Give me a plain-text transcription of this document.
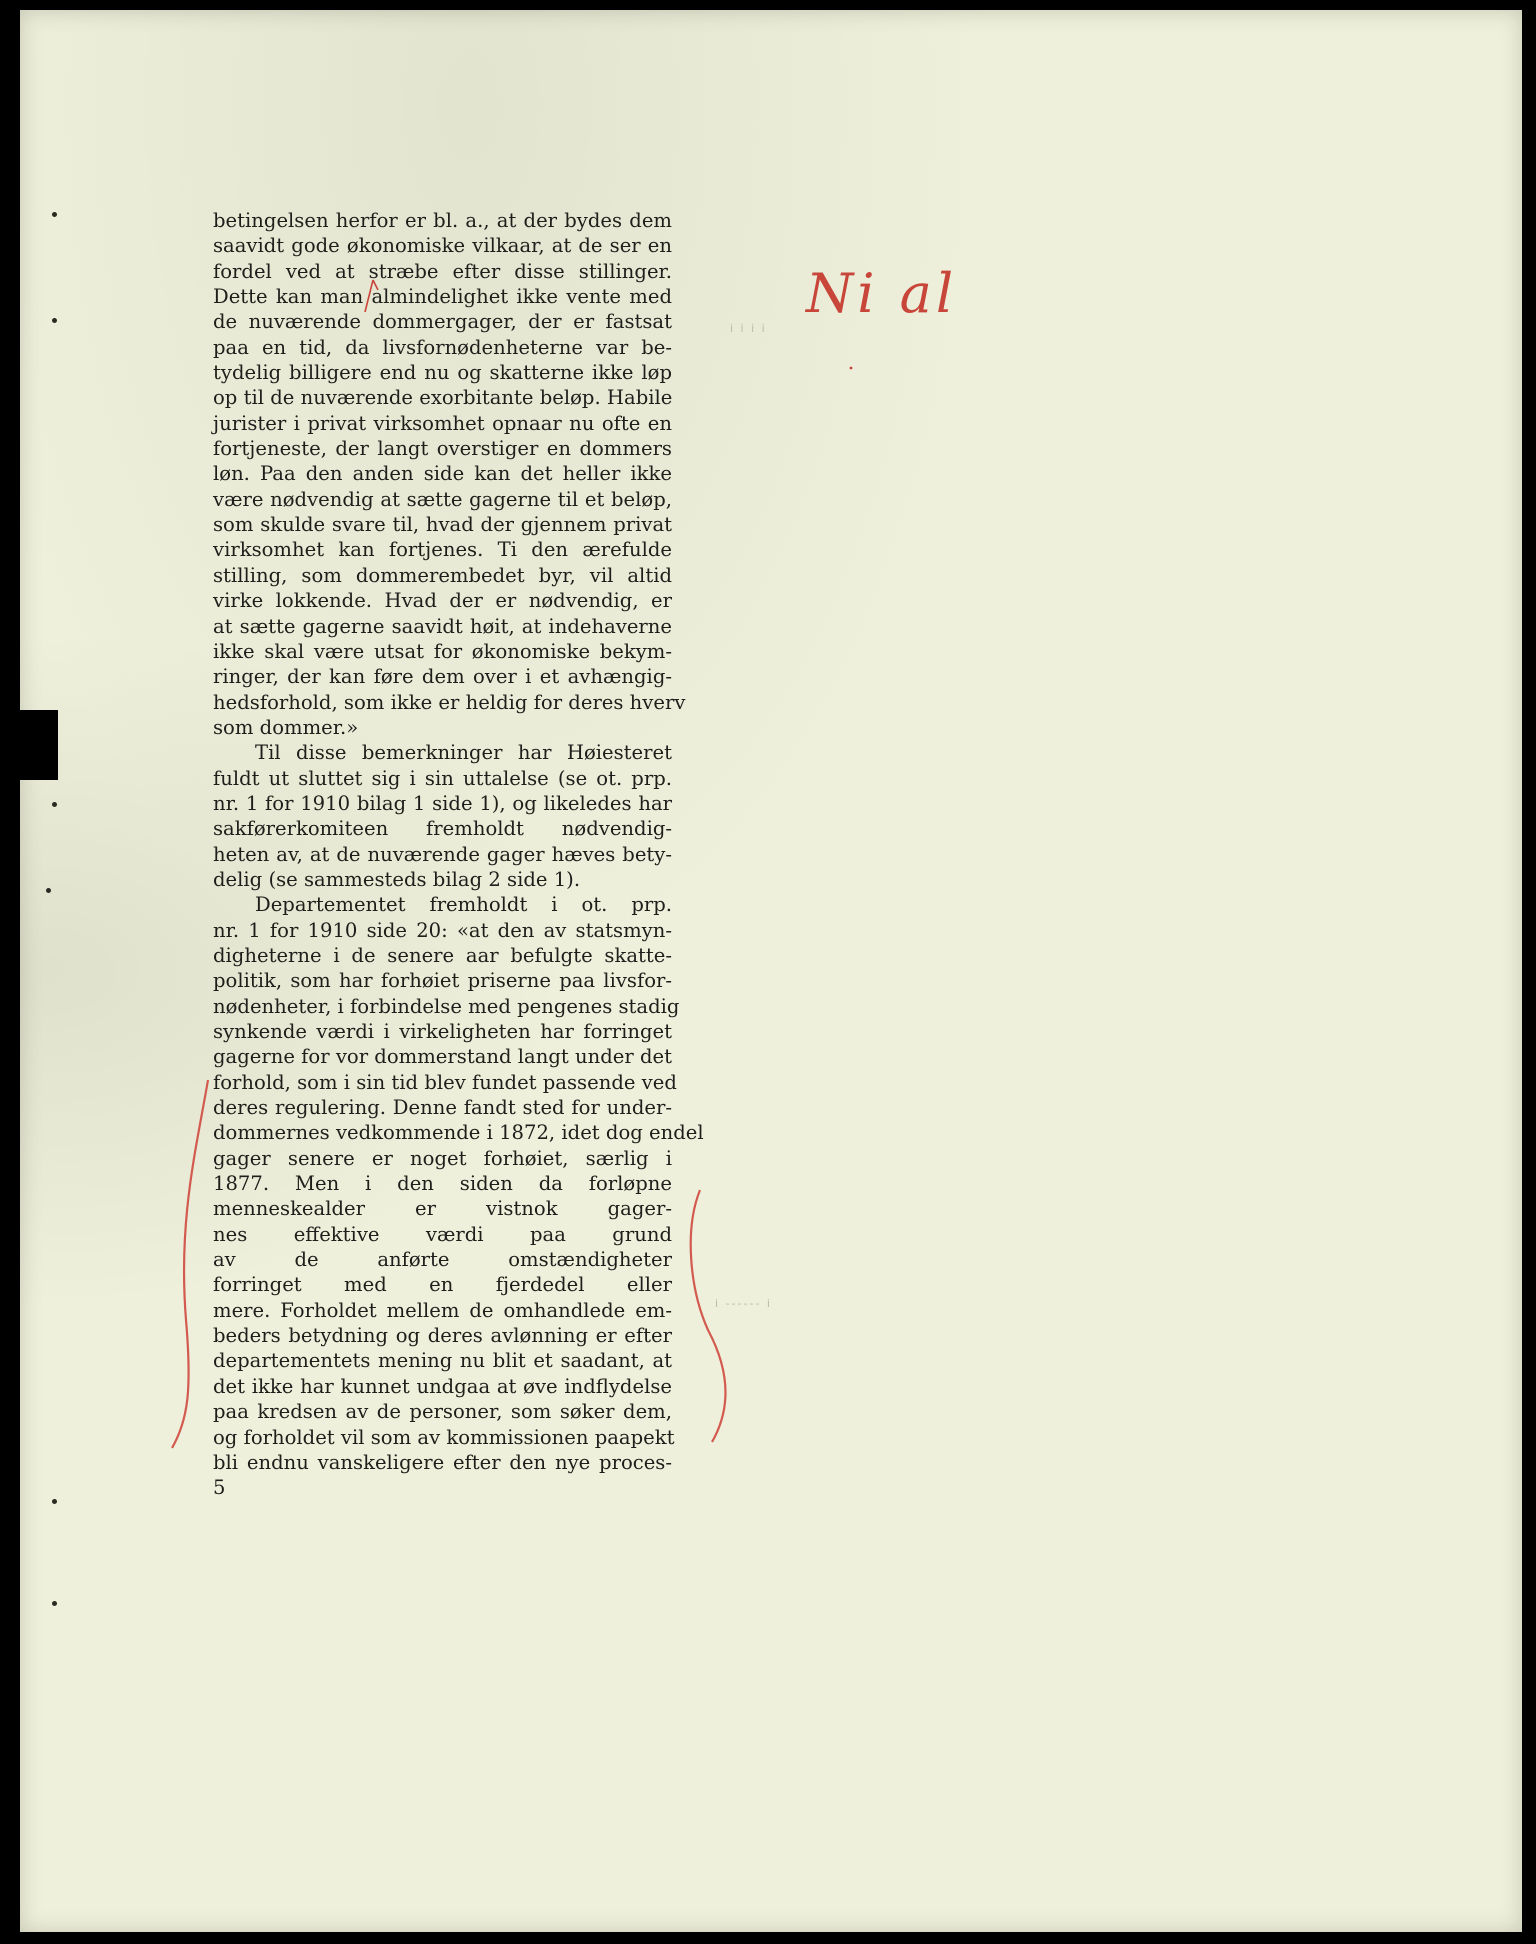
betingelsen herfor er bl. a., at der bydes dem
saavidt gode økonomiske vilkaar, at de ser en
fordel ved at stræbe efter disse stillinger.
Dette kan man almindelighet ikke vente med
de nuværende dommergager, der er fastsat
paa en tid, da livsfornødenheterne var be-
tydelig billigere end nu og skatterne ikke løp
op til de nuværende exorbitante beløp. Habile
jurister i privat virksomhet opnaar nu ofte en
fortjeneste, der langt overstiger en dommers
løn. Paa den anden side kan det heller ikke
være nødvendig at sætte gagerne til et beløp,
som skulde svare til, hvad der gjennem privat
virksomhet kan fortjenes. Ti den ærefulde
stilling, som dommerembedet byr, vil altid
virke lokkende. Hvad der er nødvendig, er
at sætte gagerne saavidt høit, at indehaverne
ikke skal være utsat for økonomiske bekym-
ringer, der kan føre dem over i et avhængig-
hedsforhold, som ikke er heldig for deres hverv
som dommer.»
Til disse bemerkninger har Høiesteret
fuldt ut sluttet sig i sin uttalelse (se ot. prp.
nr. 1 for 1910 bilag 1 side 1), og likeledes har
sakførerkomiteen fremholdt nødvendig-
heten av, at de nuværende gager hæves bety-
delig (se sammesteds bilag 2 side 1).
Departementet fremholdt i ot. prp.
nr. 1 for 1910 side 20: «at den av statsmyn-
digheterne i de senere aar befulgte skatte-
politik, som har forhøiet priserne paa livsfor-
nødenheter, i forbindelse med pengenes stadig
synkende værdi i virkeligheten har forringet
gagerne for vor dommerstand langt under det
forhold, som i sin tid blev fundet passende ved
deres regulering. Denne fandt sted for under-
dommernes vedkommende i 1872, idet dog endel
gager senere er noget forhøiet, særlig i
1877. Men i den siden da forløpne
menneskealder er vistnok gager-
nes effektive værdi paa grund
av de anførte omstændigheter
forringet med en fjerdedel eller
mere. Forholdet mellem de omhandlede em-
beders betydning og deres avlønning er efter
departementets mening nu blit et saadant, at
det ikke har kunnet undgaa at øve indflydelse
paa kredsen av de personer, som søker dem,
og forholdet vil som av kommissionen paapekt
bli endnu vanskeligere efter den nye proces-
5
Ni al
i i i i
i ------ i
